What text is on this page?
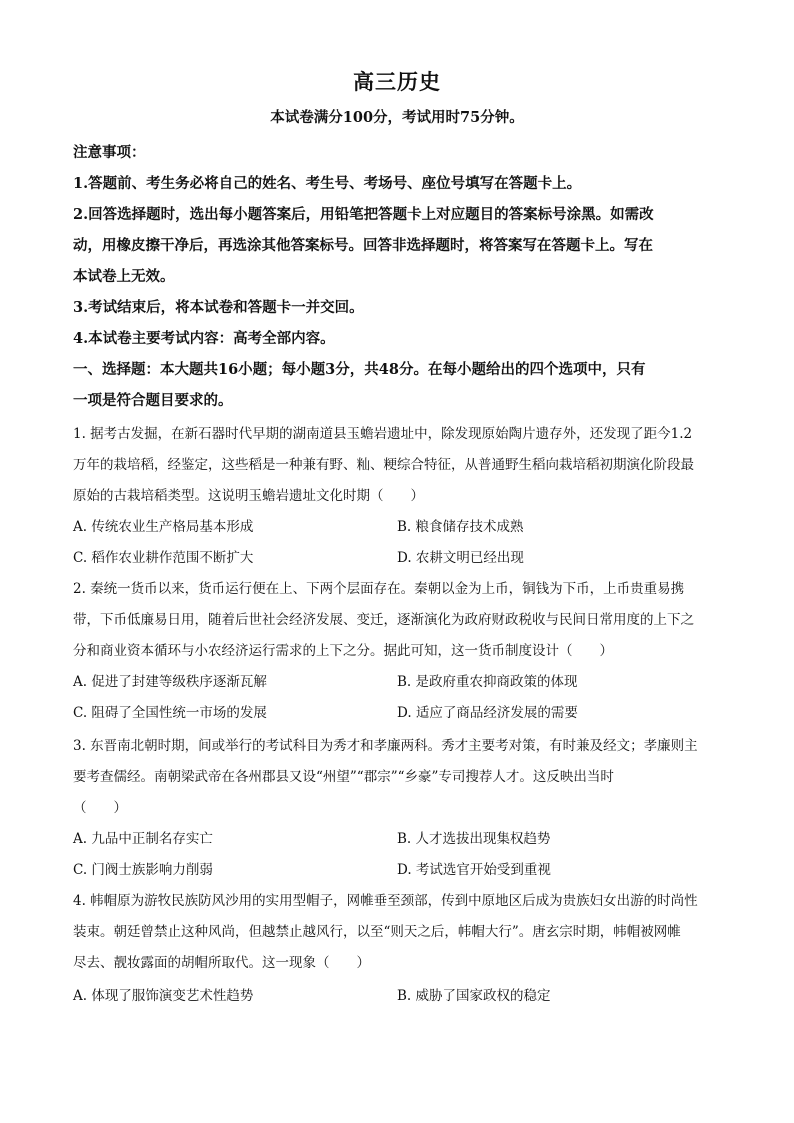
高三历史
本试卷满分100分，考试用时75分钟。
注意事项：
1.答题前、考生务必将自己的姓名、考生号、考场号、座位号填写在答题卡上。
2.回答选择题时，选出每小题答案后，用铅笔把答题卡上对应题目的答案标号涂黑。如需改
动，用橡皮擦干净后，再选涂其他答案标号。回答非选择题时，将答案写在答题卡上。写在
本试卷上无效。
3.考试结束后，将本试卷和答题卡一并交回。
4.本试卷主要考试内容：高考全部内容。
一、选择题：本大题共16小题；每小题3分，共48分。在每小题给出的四个选项中，只有
一项是符合题目要求的。
1. 据考古发掘，在新石器时代早期的湖南道县玉蟾岩遗址中，除发现原始陶片遗存外，还发现了距今1.2
万年的栽培稻，经鉴定，这些稻是一种兼有野、籼、粳综合特征，从普通野生稻向栽培稻初期演化阶段最
原始的古栽培稻类型。这说明玉蟾岩遗址文化时期（　　）
A. 传统农业生产格局基本形成	B. 粮食储存技术成熟
C. 稻作农业耕作范围不断扩大	D. 农耕文明已经出现
2. 秦统一货币以来，货币运行便在上、下两个层面存在。秦朝以金为上币，铜钱为下币，上币贵重易携
带，下币低廉易日用，随着后世社会经济发展、变迁，逐渐演化为政府财政税收与民间日常用度的上下之
分和商业资本循环与小农经济运行需求的上下之分。据此可知，这一货币制度设计（　　）
A. 促进了封建等级秩序逐渐瓦解	B. 是政府重农抑商政策的体现
C. 阻碍了全国性统一市场的发展	D. 适应了商品经济发展的需要
3. 东晋南北朝时期，间或举行的考试科目为秀才和孝廉两科。秀才主要考对策，有时兼及经文；孝廉则主
要考查儒经。南朝梁武帝在各州郡县又设“州望”“郡宗”“乡豪”专司搜荐人才。这反映出当时
（　　）
A. 九品中正制名存实亡	B. 人才选拔出现集权趋势
C. 门阀士族影响力削弱	D. 考试选官开始受到重视
4. 帏帽原为游牧民族防风沙用的实用型帽子，网帷垂至颈部，传到中原地区后成为贵族妇女出游的时尚性
装束。朝廷曾禁止这种风尚，但越禁止越风行，以至“则天之后，帏帽大行”。唐玄宗时期，帏帽被网帷
尽去、靓妆露面的胡帽所取代。这一现象（　　）
A. 体现了服饰演变艺术性趋势	B. 威胁了国家政权的稳定
